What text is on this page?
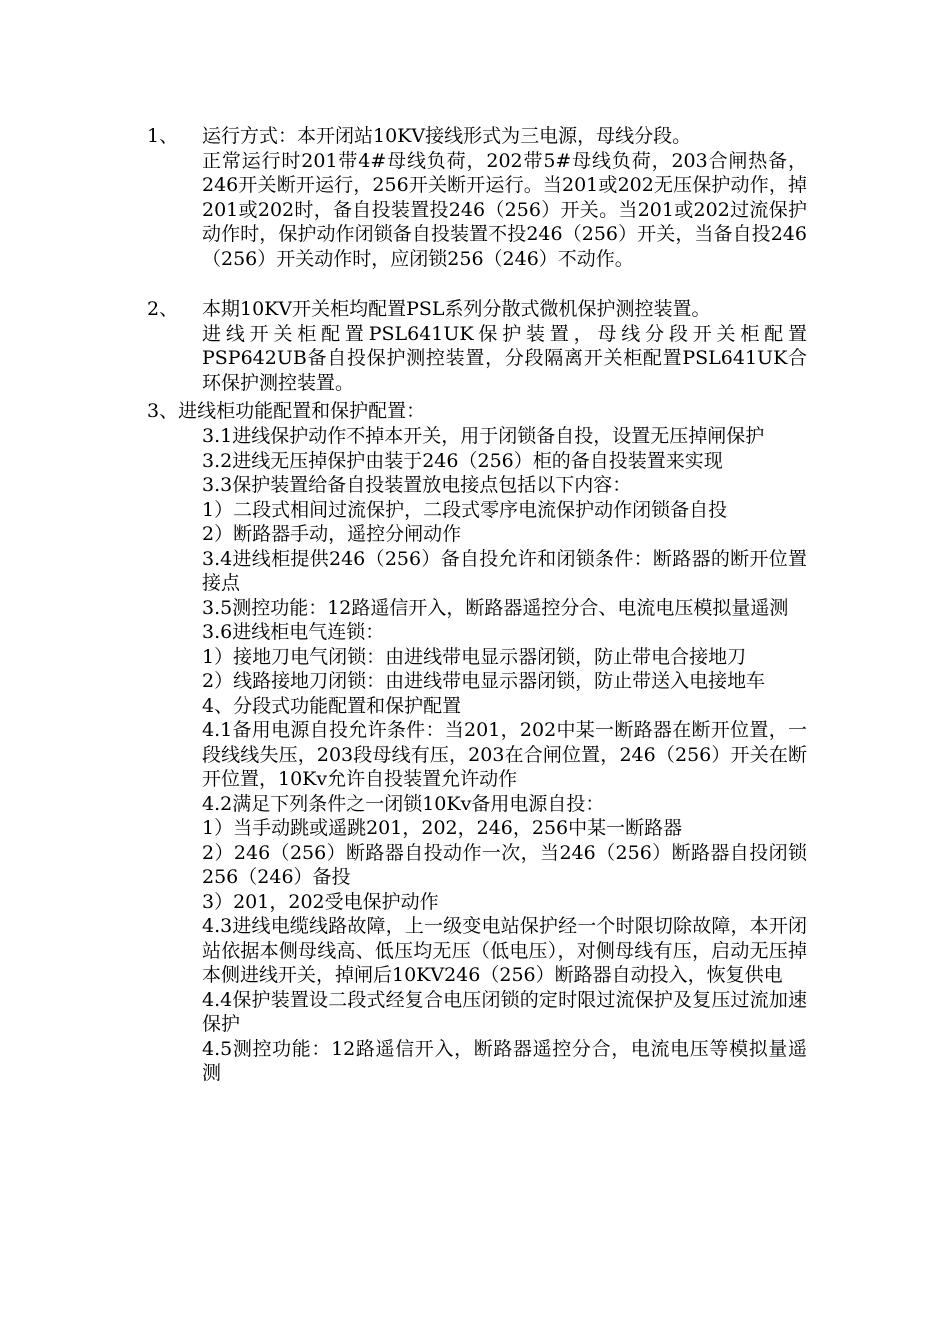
1、 运行方式：本开闭站10KV接线形式为三电源，母线分段。

正常运行时201带4#母线负荷，202带5#母线负荷，203合闸热备，246开关断开运行，256开关断开运行。当201或202无压保护动作，掉201或202时，备自投装置投246（256）开关。当201或202过流保护动作时，保护动作闭锁备自投装置不投246（256）开关，当备自投246（256）开关动作时，应闭锁256（246）不动作。

2、 本期10KV开关柜均配置PSL系列分散式微机保护测控装置。

进线开关柜配置PSL641UK保护装置，母线分段开关柜配置PSP642UB备自投保护测控装置，分段隔离开关柜配置PSL641UK合环保护测控装置。

3、进线柜功能配置和保护配置：

3.1进线保护动作不掉本开关，用于闭锁备自投，设置无压掉闸保护

3.2进线无压掉保护由装于246（256）柜的备自投装置来实现

3.3保护装置给备自投装置放电接点包括以下内容：

1）二段式相间过流保护，二段式零序电流保护动作闭锁备自投

2）断路器手动，遥控分闸动作

3.4进线柜提供246（256）备自投允许和闭锁条件：断路器的断开位置接点

3.5测控功能：12路遥信开入，断路器遥控分合、电流电压模拟量遥测

3.6进线柜电气连锁：

1）接地刀电气闭锁：由进线带电显示器闭锁，防止带电合接地刀

2）线路接地刀闭锁：由进线带电显示器闭锁，防止带送入电接地车

4、分段式功能配置和保护配置

4.1备用电源自投允许条件：当201，202中某一断路器在断开位置，一段线线失压，203段母线有压，203在合闸位置，246（256）开关在断开位置，10Kv允许自投装置允许动作

4.2满足下列条件之一闭锁10Kv备用电源自投：

1）当手动跳或遥跳201，202，246，256中某一断路器

2）246（256）断路器自投动作一次，当246（256）断路器自投闭锁256（246）备投

3）201，202受电保护动作

4.3进线电缆线路故障，上一级变电站保护经一个时限切除故障，本开闭站依据本侧母线高、低压均无压（低电压），对侧母线有压，启动无压掉本侧进线开关，掉闸后10KV246（256）断路器自动投入，恢复供电

4.4保护装置设二段式经复合电压闭锁的定时限过流保护及复压过流加速保护

4.5测控功能：12路遥信开入，断路器遥控分合，电流电压等模拟量遥测
